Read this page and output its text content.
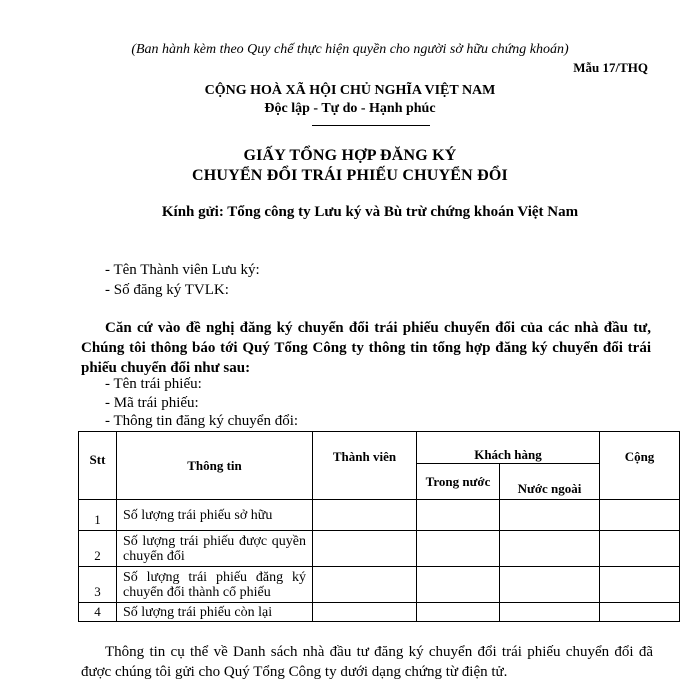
(Ban hành kèm theo Quy chế thực hiện quyền cho người sở hữu chứng khoán)
Mẫu 17/THQ
CỘNG HOÀ XÃ HỘI CHỦ NGHĨA VIỆT NAM
Độc lập - Tự do - Hạnh phúc
GIẤY TỔNG HỢP ĐĂNG KÝ
CHUYỂN ĐỔI TRÁI PHIẾU CHUYỂN ĐỔI
Kính gửi: Tổng công ty Lưu ký và Bù trừ chứng khoán Việt Nam
- Tên Thành viên Lưu ký:
- Số đăng ký TVLK:
Căn cứ vào đề nghị đăng ký chuyển đổi trái phiếu chuyển đổi của các nhà đầu tư, Chúng tôi thông báo tới Quý Tổng Công ty thông tin tổng hợp đăng ký chuyển đổi trái phiếu chuyển đổi như sau:
- Tên trái phiếu:
- Mã trái phiếu:
- Thông tin đăng ký chuyển đổi:
Stt	Thông tin	Thành viên	Khách hàng		Cộng
			Trong nước	Nước ngoài	
1	Số lượng trái phiếu sở hữu				
2	Số lượng trái phiếu được quyền chuyển đổi				
3	Số lượng trái phiếu đăng ký chuyển đổi thành cổ phiếu				
4	Số lượng trái phiếu còn lại				
Thông tin cụ thể về Danh sách nhà đầu tư đăng ký chuyển đổi trái phiếu chuyển đổi đã được chúng tôi gửi cho Quý Tổng Công ty dưới dạng chứng từ điện tử.
